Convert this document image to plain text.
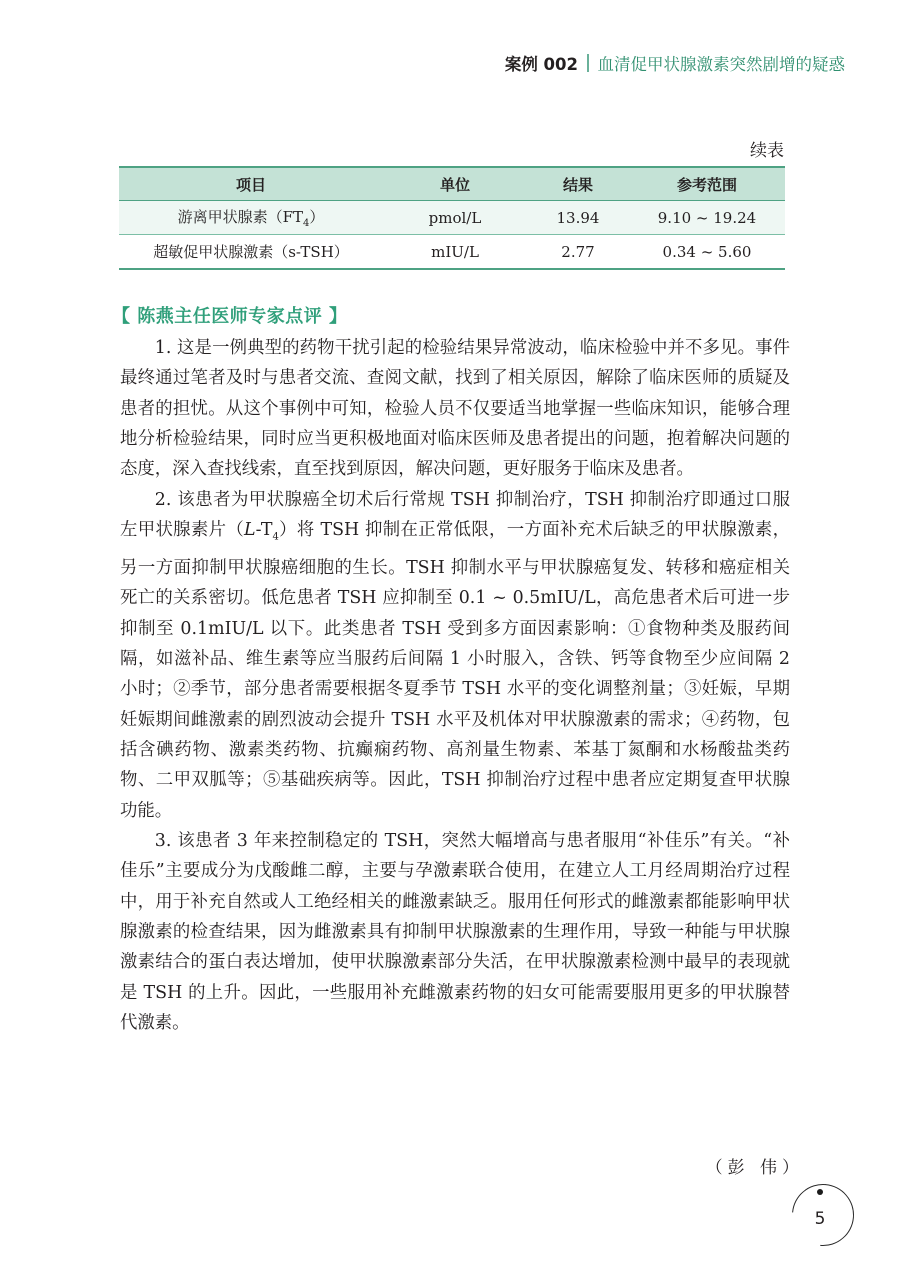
案例 002 血清促甲状腺激素突然剧增的疑惑
续表
项目	单位	结果	参考范围
游离甲状腺素$(FT_4)$	pmol/L	13.94	9.10 ~ 19.24
超敏促甲状腺激素（s-TSH）	mIU/L	2.77	0.34 ~ 5.60
【 陈燕主任医师专家点评 】

1. 这是一例典型的药物干扰引起的检验结果异常波动，临床检验中并不多见。事件最终通过笔者及时与患者交流、查阅文献，找到了相关原因，解除了临床医师的质疑及患者的担忧。从这个事例中可知，检验人员不仅要适当地掌握一些临床知识，能够合理地分析检验结果，同时应当更积极地面对临床医师及患者提出的问题，抱着解决问题的态度，深入查找线索，直至找到原因，解决问题，更好服务于临床及患者。

2. 该患者为甲状腺癌全切术后行常规 TSH 抑制治疗，TSH 抑制治疗即通过口服左甲状腺素片$(L-T_4)$将 TSH 抑制在正常低限，一方面补充术后缺乏的甲状腺激素，另一方面抑制甲状腺癌细胞的生长。TSH 抑制水平与甲状腺癌复发、转移和癌症相关死亡的关系密切。低危患者 TSH 应抑制至 0.1 ~ 0.5mIU/L，高危患者术后可进一步抑制至 0.1mIU/L 以下。此类患者 TSH 受到多方面因素影响：①食物种类及服药间隔，如滋补品、维生素等应当服药后间隔 1 小时服入，含铁、钙等食物至少应间隔 2 小时；②季节，部分患者需要根据冬夏季节 TSH 水平的变化调整剂量；③妊娠，早期妊娠期间雌激素的剧烈波动会提升 TSH 水平及机体对甲状腺激素的需求；④药物，包括含碘药物、激素类药物、抗癫痫药物、高剂量生物素、苯基丁氮酮和水杨酸盐类药物、二甲双胍等；⑤基础疾病等。因此，TSH 抑制治疗过程中患者应定期复查甲状腺功能。

3. 该患者 3 年来控制稳定的 TSH，突然大幅增高与患者服用“补佳乐”有关。“补佳乐”主要成分为戊酸雌二醇，主要与孕激素联合使用，在建立人工月经周期治疗过程中，用于补充自然或人工绝经相关的雌激素缺乏。服用任何形式的雌激素都能影响甲状腺激素的检查结果，因为雌激素具有抑制甲状腺激素的生理作用，导致一种能与甲状腺激素结合的蛋白表达增加，使甲状腺激素部分失活，在甲状腺激素检测中最早的表现就是 TSH 的上升。因此，一些服用补充雌激素药物的妇女可能需要服用更多的甲状腺替代激素。

（彭 伟）
5
